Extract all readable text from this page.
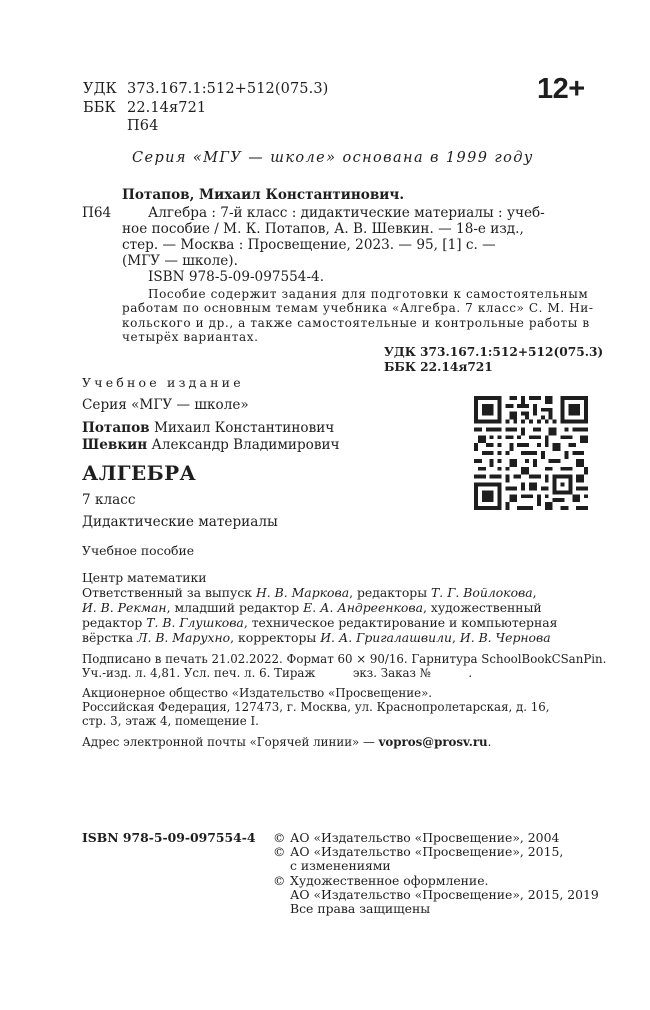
УДК 373.167.1:512+512(075.3)
ББК 22.14я721
П64
12+
Серия «МГУ — школе» основана в 1999 году
Потапов, Михаил Константинович.
П64	Алгебра : 7-й класс : дидактические материалы : учеб-
ное пособие / М. К. Потапов, А. В. Шевкин. — 18-е изд.,
стер. — Москва : Просвещение, 2023. — 95, [1] с. —
(МГУ — школе).
ISBN 978-5-09-097554-4.
Пособие содержит задания для подготовки к самостоятельным
работам по основным темам учебника «Алгебра. 7 класс» С. М. Ни-
кольского и др., а также самостоятельные и контрольные работы в
четырёх вариантах.
УДК 373.167.1:512+512(075.3)
ББК 22.14я721
Учебное издание
Серия «МГУ — школе»
Потапов Михаил Константинович
Шевкин Александр Владимирович
АЛГЕБРА
7 класс
Дидактические материалы
Учебное пособие
Центр математики
Ответственный за выпуск Н. В. Маркова, редакторы Т. Г. Войлокова,
И. В. Рекман, младший редактор Е. А. Андреенкова, художественный
редактор Т. В. Глушкова, техническое редактирование и компьютерная
вёрстка Л. В. Марухно, корректоры И. А. Григалашвили, И. В. Чернова
Подписано в печать 21.02.2022. Формат 60 × 90/16. Гарнитура SchoolBookCSanPin.
Уч.-изд. л. 4,81. Усл. печ. л. 6. Тираж          экз. Заказ №          .
Акционерное общество «Издательство «Просвещение».
Российская Федерация, 127473, г. Москва, ул. Краснопролетарская, д. 16,
стр. 3, этаж 4, помещение I.
Адрес электронной почты «Горячей линии» — vopros@prosv.ru.
ISBN 978-5-09-097554-4 © АО «Издательство «Просвещение», 2004
© АО «Издательство «Просвещение», 2015,
с изменениями
© Художественное оформление.
АО «Издательство «Просвещение», 2015, 2019
Все права защищены
